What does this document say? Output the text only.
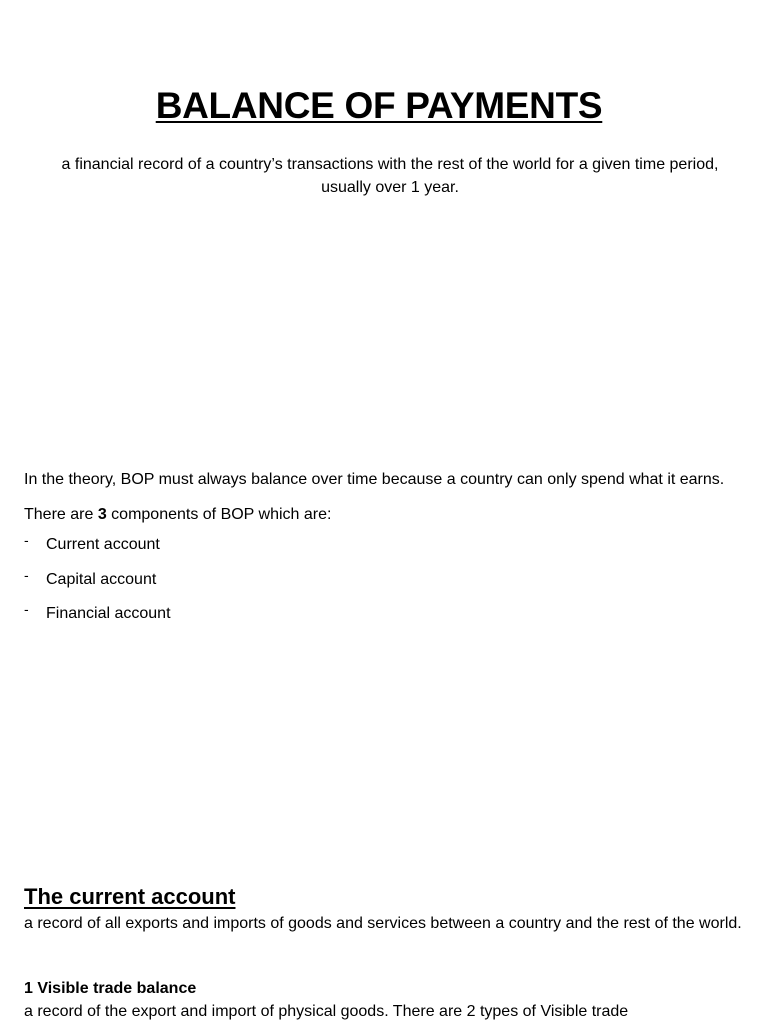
BALANCE OF PAYMENTS

a financial record of a country’s transactions with the rest of the world for a given time period, usually over 1 year.

In the theory, BOP must always balance over time because a country can only spend what it earns. There are 3 components of BOP which are:

- Current account
- Capital account
- Financial account
The current account

a record of all exports and imports of goods and services between a country and the rest of the world.

1 Visible trade balance

a record of the export and import of physical goods. There are 2 types of Visible trade
